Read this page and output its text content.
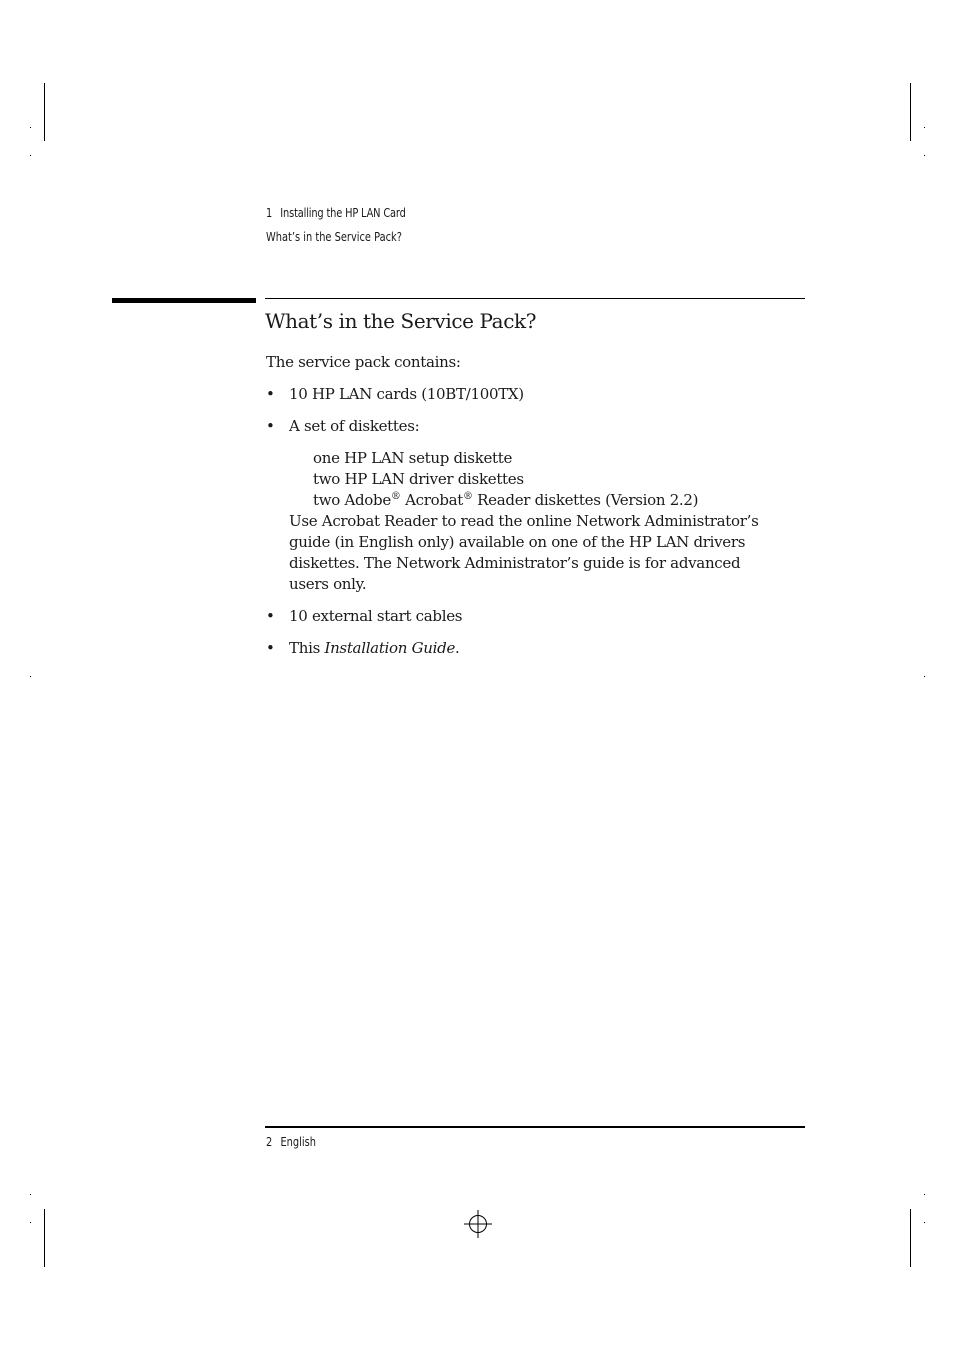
1 Installing the HP LAN Card
What’s in the Service Pack?
What’s in the Service Pack?

The service pack contains:

• 10 HP LAN cards (10BT/100TX)
• A set of diskettes:
one HP LAN setup diskette
two HP LAN driver diskettes
two Adobe® Acrobat® Reader diskettes (Version 2.2)

Use Acrobat Reader to read the online Network Administrator’s guide (in English only) available on one of the HP LAN drivers diskettes. The Network Administrator’s guide is for advanced users only.

• 10 external start cables
• This Installation Guide.
2 English
